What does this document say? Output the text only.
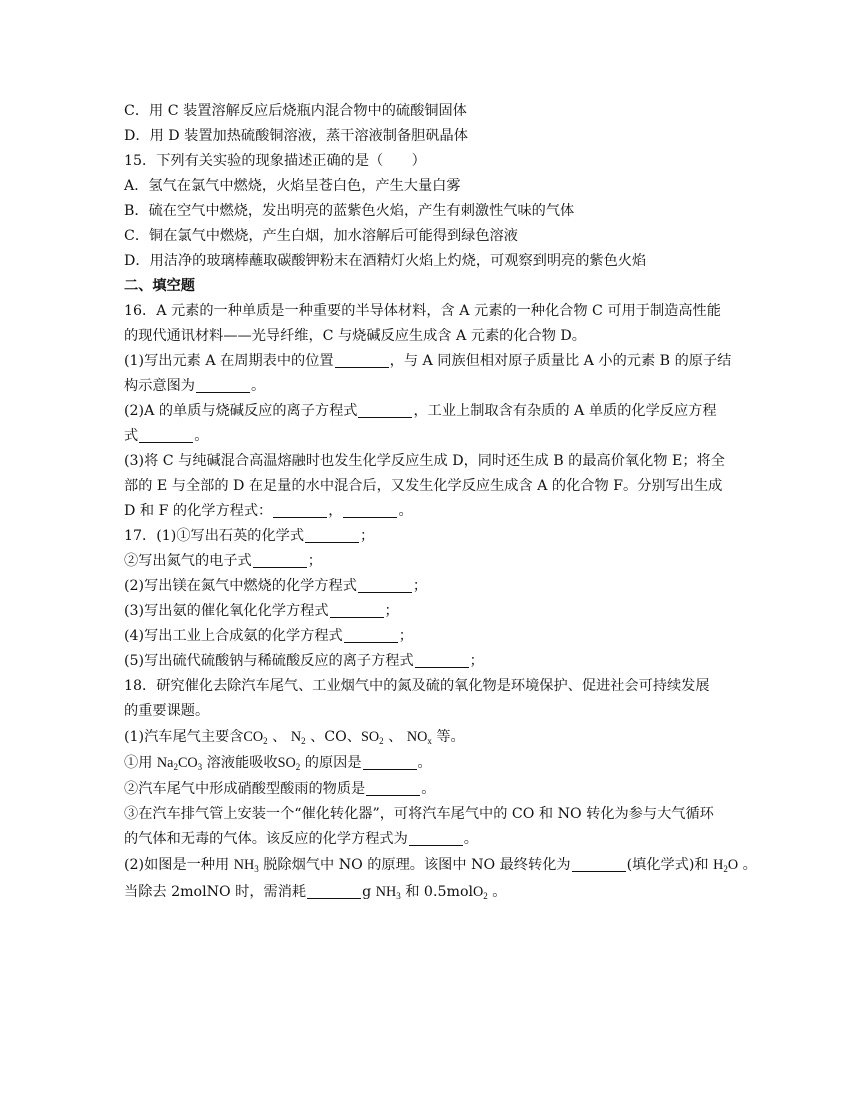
C．用 C 装置溶解反应后烧瓶内混合物中的硫酸铜固体
D．用 D 装置加热硫酸铜溶液，蒸干溶液制备胆矾晶体
15．下列有关实验的现象描述正确的是（　　）
A．氢气在氯气中燃烧，火焰呈苍白色，产生大量白雾
B．硫在空气中燃烧，发出明亮的蓝紫色火焰，产生有刺激性气味的气体
C．铜在氯气中燃烧，产生白烟，加水溶解后可能得到绿色溶液
D．用洁净的玻璃棒蘸取碳酸钾粉末在酒精灯火焰上灼烧，可观察到明亮的紫色火焰
二、填空题
16．A 元素的一种单质是一种重要的半导体材料，含 A 元素的一种化合物 C 可用于制造高性能
的现代通讯材料——光导纤维，C 与烧碱反应生成含 A 元素的化合物 D。
(1)写出元素 A 在周期表中的位置	，与 A 同族但相对原子质量比 A 小的元素 B 的原子结
构示意图为	。
(2)A 的单质与烧碱反应的离子方程式	，工业上制取含有杂质的 A 单质的化学反应方程
式	。
(3)将 C 与纯碱混合高温熔融时也发生化学反应生成 D，同时还生成 B 的最高价氧化物 E；将全
部的 E 与全部的 D 在足量的水中混合后，又发生化学反应生成含 A 的化合物 F。分别写出生成
D 和 F 的化学方程式：	，	。
17．(1)①写出石英的化学式	；
②写出氮气的电子式	；
(2)写出镁在氮气中燃烧的化学方程式	；
(3)写出氨的催化氧化化学方程式	；
(4)写出工业上合成氨的化学方程式	；
(5)写出硫代硫酸钠与稀硫酸反应的离子方程式	；
18．研究催化去除汽车尾气、工业烟气中的氮及硫的氧化物是环境保护、促进社会可持续发展
的重要课题。
(1)汽车尾气主要含$CO_2$ 、 $N_2$ 、CO、$SO_2$ 、 $NO_x$ 等。
①用 $Na_2CO_3$ 溶液能吸收$SO_2$ 的原因是	。
②汽车尾气中形成硝酸型酸雨的物质是	。
③在汽车排气管上安装一个“催化转化器”，可将汽车尾气中的 CO 和 NO 转化为参与大气循环
的气体和无毒的气体。该反应的化学方程式为	。
(2)如图是一种用 $NH_3$ 脱除烟气中 NO 的原理。该图中 NO 最终转化为	(填化学式)和 $H_2O$ 。
当除去 2molNO 时，需消耗	g $NH_3$ 和 0.5molO$_2$ 。
